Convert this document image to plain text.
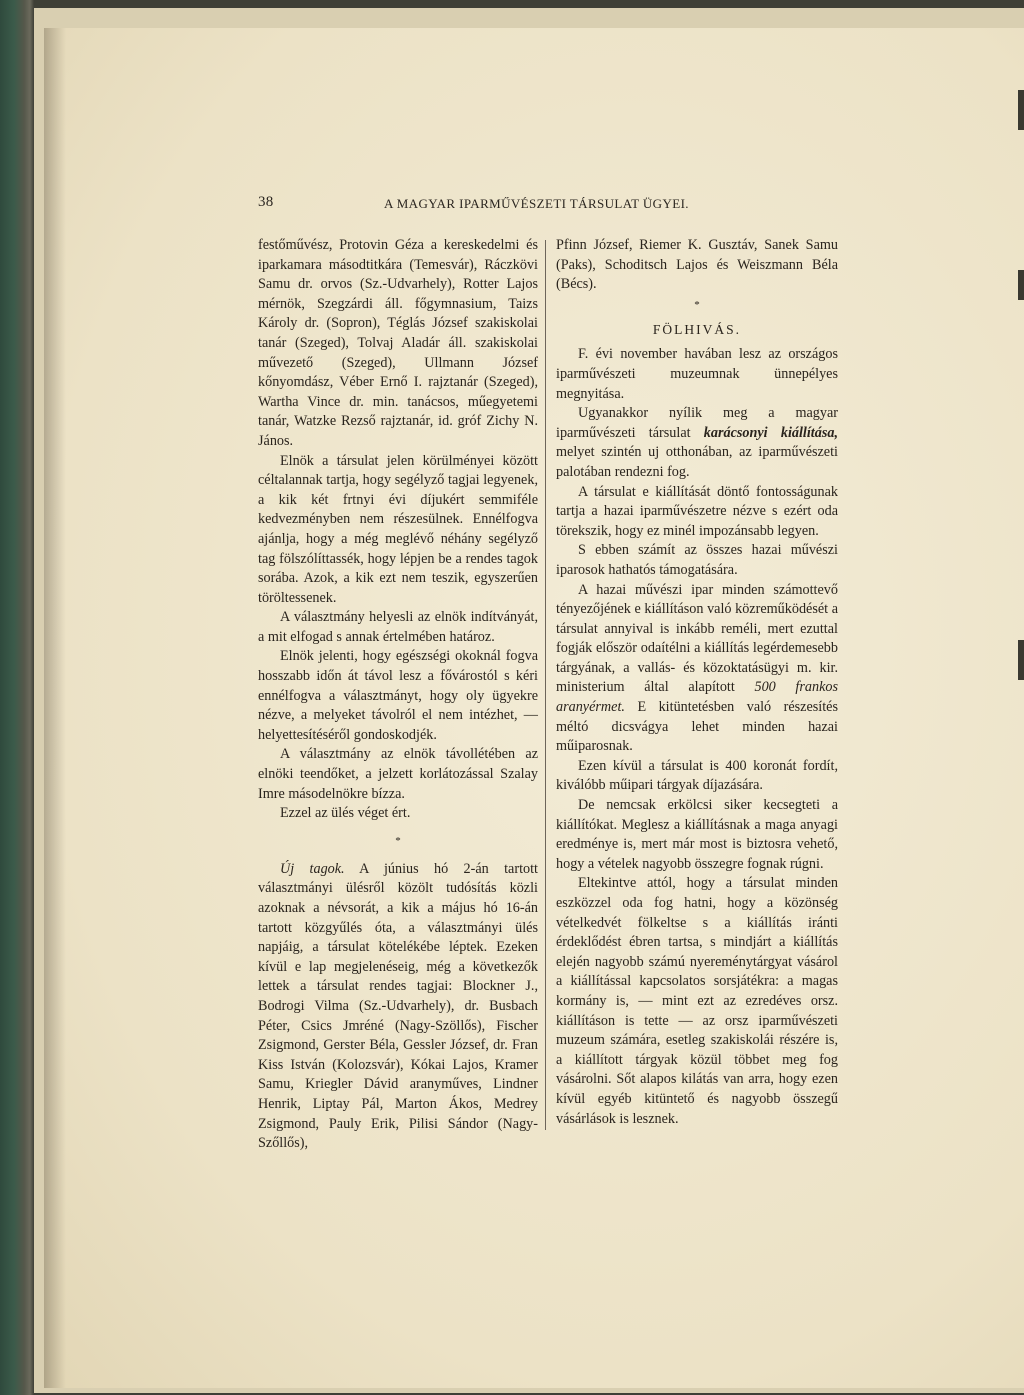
38	A MAGYAR IPARMŰVÉSZETI TÁRSULAT ÜGYEI.

festőművész, Protovin Géza a kereskedelmi és iparkamara másodtitkára (Temesvár), Ráczkövi Samu dr. orvos (Sz.-Udvarhely), Rotter Lajos mérnök, Szegzárdi áll. főgymnasium, Taizs Károly dr. (Sopron), Téglás József szakiskolai tanár (Szeged), Tolvaj Aladár áll. szakiskolai művezető (Szeged), Ullmann József kőnyomdász, Véber Ernő I. rajztanár (Szeged), Wartha Vince dr. min. tanácsos, műegyetemi tanár, Watzke Rezső rajztanár, id. gróf Zichy N. János.

Elnök a társulat jelen körülményei között céltalannak tartja, hogy segélyző tagjai legyenek, a kik két frtnyi évi díjukért semmiféle kedvezményben nem részesülnek. Ennélfogva ajánlja, hogy a még meglévő néhány segélyző tag fölszólíttassék, hogy lépjen be a rendes tagok sorába. Azok, a kik ezt nem teszik, egyszerűen töröltessenek.

A választmány helyesli az elnök indítványát, a mit elfogad s annak értelmében határoz.

Elnök jelenti, hogy egészségi okoknál fogva hosszabb időn át távol lesz a fővárostól s kéri ennélfogva a választmányt, hogy oly ügyekre nézve, a melyeket távolról el nem intézhet, — helyettesítéséről gondoskodjék.

A választmány az elnök távollétében az elnöki teendőket, a jelzett korlátozással Szalay Imre másodelnökre bízza.

Ezzel az ülés véget ért.

*

Új tagok. A június hó 2-án tartott választmányi ülésről közölt tudósítás közli azoknak a névsorát, a kik a május hó 16-án tartott közgyűlés óta, a választmányi ülés napjáig, a társulat kötelékébe léptek. Ezeken kívül e lap megjelenéseig, még a következők lettek a társulat rendes tagjai: Blockner J., Bodrogi Vilma (Sz.-Udvarhely), dr. Busbach Péter, Csics Jmréné (Nagy-Szöllős), Fischer Zsigmond, Gerster Béla, Gessler József, dr. Fran Kiss István (Kolozsvár), Kókai Lajos, Kramer Samu, Kriegler Dávid aranyműves, Lindner Henrik, Liptay Pál, Marton Ákos, Medrey Zsigmond, Pauly Erik, Pilisi Sándor (Nagy-Szőllős),

Pfinn József, Riemer K. Gusztáv, Sanek Samu (Paks), Schoditsch Lajos és Weiszmann Béla (Bécs).

*
FÖLHIVÁS.

F. évi november havában lesz az országos iparművészeti muzeumnak ünnepélyes megnyitása.

Ugyanakkor nyílik meg a magyar iparművészeti társulat karácsonyi kiállítása, melyet szintén uj otthonában, az iparművészeti palotában rendezni fog.

A társulat e kiállítását döntő fontosságunak tartja a hazai iparművészetre nézve s ezért oda törekszik, hogy ez minél impozánsabb legyen.

S ebben számít az összes hazai művészi iparosok hathatós támogatására.

A hazai művészi ipar minden számottevő tényezőjének e kiállításon való közreműködését a társulat annyival is inkább reméli, mert ezuttal fogják először odaítélni a kiállítás legérdemesebb tárgyának, a vallás- és közoktatásügyi m. kir. ministerium által alapított 500 frankos aranyérmet. E kitüntetésben való részesítés méltó dicsvágya lehet minden hazai műiparosnak.

Ezen kívül a társulat is 400 koronát fordít, kiválóbb műipari tárgyak díjazására.

De nemcsak erkölcsi siker kecsegteti a kiállítókat. Meglesz a kiállításnak a maga anyagi eredménye is, mert már most is biztosra vehető, hogy a vételek nagyobb összegre fognak rúgni.

Eltekintve attól, hogy a társulat minden eszközzel oda fog hatni, hogy a közönség vételkedvét fölkeltse s a kiállítás iránti érdeklődést ébren tartsa, s mindjárt a kiállítás elején nagyobb számú nyereménytárgyat vásárol a kiállítással kapcsolatos sorsjátékra: a magas kormány is, — mint ezt az ezredéves orsz. kiállításon is tette — az orsz iparművészeti muzeum számára, esetleg szakiskolái részére is, a kiállított tárgyak közül többet meg fog vásárolni. Sőt alapos kilátás van arra, hogy ezen kívül egyéb kitüntető és nagyobb összegű vásárlások is lesznek.
